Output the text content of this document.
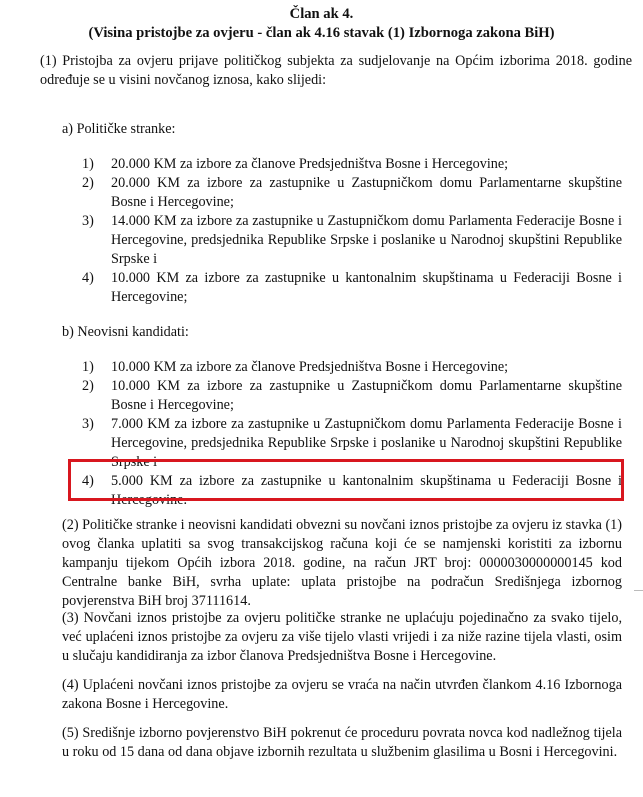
Član ak 4.
(Visina pristojbe za ovjeru - član ak 4.16 stavak (1) Izbornoga zakona BiH)
(1) Pristojba za ovjeru prijave političkog subjekta za sudjelovanje na Općim izborima 2018. godine određuje se u visini novčanog iznosa, kako slijedi:
a) Političke stranke:
1) 20.000 KM za izbore za članove Predsjedništva Bosne i Hercegovine;
2) 20.000 KM za izbore za zastupnike u Zastupničkom domu Parlamentarne skupštine Bosne i Hercegovine;
3) 14.000 KM za izbore za zastupnike u Zastupničkom domu Parlamenta Federacije Bosne i Hercegovine, predsjednika Republike Srpske i poslanike u Narodnoj skupštini Republike Srpske i
4) 10.000 KM za izbore za zastupnike u kantonalnim skupštinama u Federaciji Bosne i Hercegovine;
b) Neovisni kandidati:
1) 10.000 KM za izbore za članove Predsjedništva Bosne i Hercegovine;
2) 10.000 KM za izbore za zastupnike u Zastupničkom domu Parlamentarne skupštine Bosne i Hercegovine;
3) 7.000 KM za izbore za zastupnike u Zastupničkom domu Parlamenta Federacije Bosne i Hercegovine, predsjednika Republike Srpske i poslanike u Narodnoj skupštini Republike Srpske i
4) 5.000 KM za izbore za zastupnike u kantonalnim skupštinama u Federaciji Bosne i Hercegovine.
(2) Političke stranke i neovisni kandidati obvezni su novčani iznos pristojbe za ovjeru iz stavka (1) ovog članka uplatiti sa svog transakcijskog računa koji će se namjenski koristiti za izbornu kampanju tijekom Općih izbora 2018. godine, na račun JRT broj: 0000030000000145 kod Centralne banke BiH, svrha uplate: uplata pristojbe na podračun Središnjega izbornog povjerenstva BiH broj 37111614.
(3) Novčani iznos pristojbe za ovjeru političke stranke ne uplaćuju pojedinačno za svako tijelo, već uplaćeni iznos pristojbe za ovjeru za više tijelo vlasti vrijedi i za niže razine tijela vlasti, osim u slučaju kandidiranja za izbor članova Predsjedništva Bosne i Hercegovine.
(4) Uplaćeni novčani iznos pristojbe za ovjeru se vraća na način utvrđen člankom 4.16 Izbornoga zakona Bosne i Hercegovine.
(5) Središnje izborno povjerenstvo BiH pokrenut će proceduru povrata novca kod nadležnog tijela u roku od 15 dana od dana objave izbornih rezultata u službenim glasilima u Bosni i Hercegovini.
